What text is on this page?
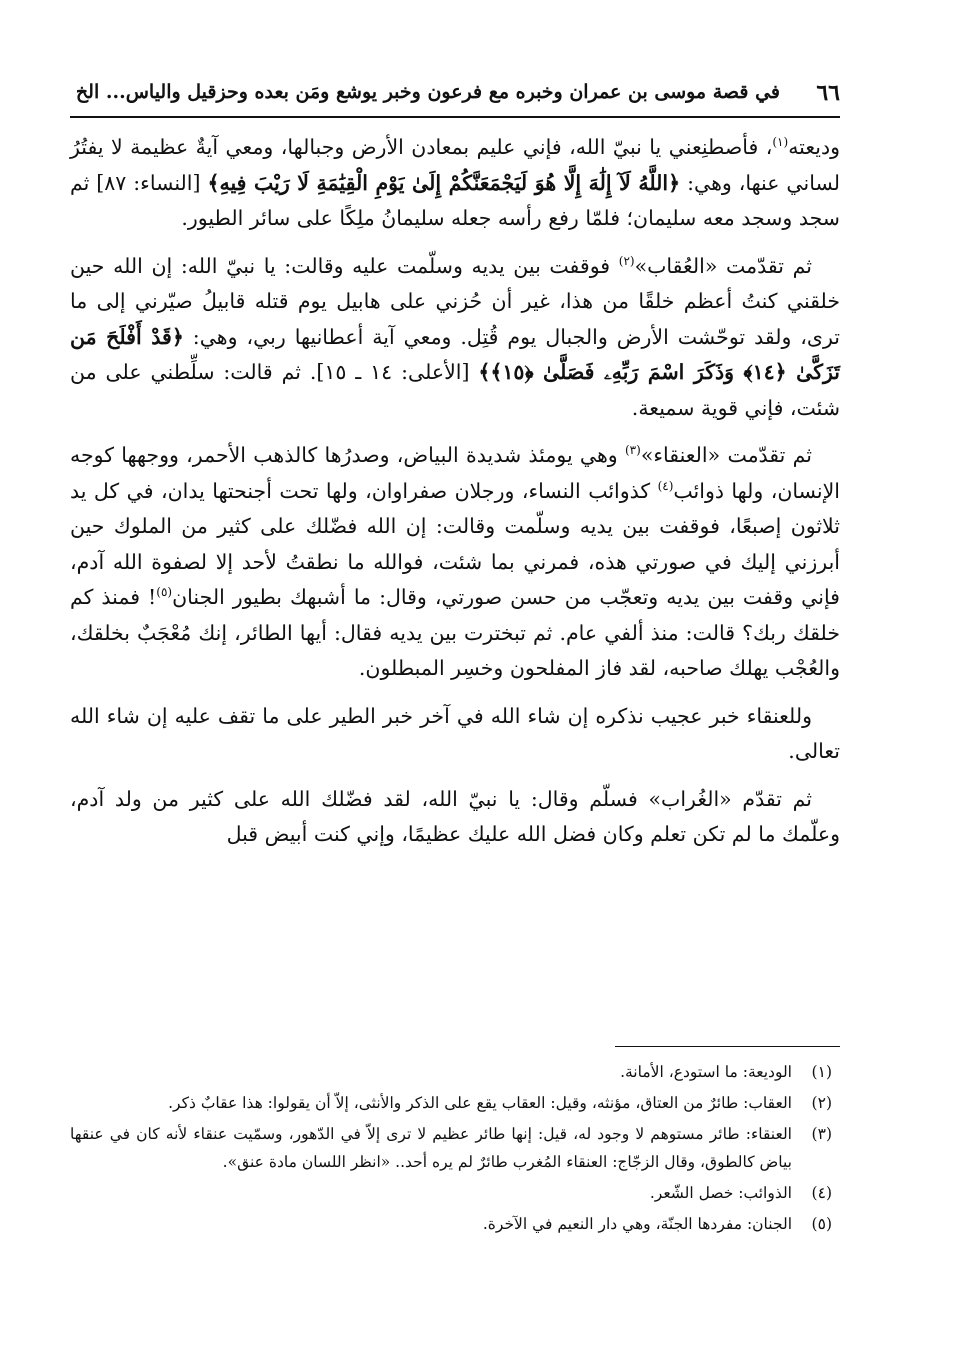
٦٦
في قصة موسى بن عمران وخبره مع فرعون وخبر يوشع ومَن بعده وحزقيل والياس... الخ

وديعته$^{(١)}$، فأصطنِعني يا نبيّ الله، فإني عليم بمعادن الأرض وجبالها، ومعي آيةٌ عظيمة لا يفتُرُ لساني عنها، وهي: ﴿اللَّهُ لَآ إِلَٰهَ إِلَّا هُوَ لَيَجْمَعَنَّكُمْ إِلَىٰ يَوْمِ الْقِيَٰمَةِ لَا رَيْبَ فِيهِ﴾ [النساء: ٨٧] ثم سجد وسجد معه سليمان؛ فلمّا رفع رأسه جعله سليمانُ ملِكًا على سائر الطيور.

ثم تقدّمت «العُقاب»$^{(٢)}$ فوقفت بين يديه وسلّمت عليه وقالت: يا نبيّ الله: إن الله حين خلقني كنتُ أعظم خلقًا من هذا، غير أن حُزني على هابيل يوم قتله قابيلُ صيّرني إلى ما ترى، ولقد توحّشت الأرض والجبال يوم قُتِل. ومعي آية أعطانيها ربي، وهي: ﴿قَدْ أَفْلَحَ مَن تَزَكَّىٰ ﴿١٤﴾ وَذَكَرَ اسْمَ رَبِّهِۦ فَصَلَّىٰ ﴿١٥﴾﴾ [الأعلى: ١٤ ـ ١٥]. ثم قالت: سلِّطني على من شئت، فإني قوية سميعة.

ثم تقدّمت «العنقاء»$^{(٣)}$ وهي يومئذ شديدة البياض، وصدرُها كالذهب الأحمر، ووجهها كوجه الإنسان، ولها ذوائب$^{(٤)}$ كذوائب النساء، ورجلان صفراوان، ولها تحت أجنحتها يدان، في كل يد ثلاثون إصبعًا، فوقفت بين يديه وسلّمت وقالت: إن الله فضّلك على كثير من الملوك حين أبرزني إليك في صورتي هذه، فمرني بما شئت، فوالله ما نطقتُ لأحد إلا لصفوة الله آدم، فإني وقفت بين يديه وتعجّب من حسن صورتي، وقال: ما أشبهك بطيور الجنان$^{(٥)}$! فمنذ كم خلقك ربك؟ قالت: منذ ألفي عام. ثم تبخترت بين يديه فقال: أيها الطائر، إنك مُعْجَبٌ بخلقك، والعُجْب يهلك صاحبه، لقد فاز المفلحون وخسِر المبطلون.

وللعنقاء خبر عجيب نذكره إن شاء الله في آخر خبر الطير على ما تقف عليه إن شاء الله تعالى.

ثم تقدّم «الغُراب» فسلّم وقال: يا نبيّ الله، لقد فضّلك الله على كثير من ولد آدم، وعلّمك ما لم تكن تعلم وكان فضل الله عليك عظيمًا، وإني كنت أبيض قبل

(١)
الوديعة: ما استودع، الأمانة.
(٢)
العقاب: طائرٌ من العتاق، مؤنثه، وقيل: العقاب يقع على الذكر والأنثى، إلاّ أن يقولوا: هذا عقابٌ ذكر.
(٣)
العنقاء: طائر مستوهم لا وجود له، قيل: إنها طائر عظيم لا ترى إلاّ في الدّهور، وسمّيت عنقاء لأنه كان في عنقها بياض كالطوق، وقال الزجّاج: العنقاء المُغرب طائرٌ لم يره أحد.. «انظر اللسان مادة عنق».
(٤)
الذوائب: خصل الشّعر.
(٥)
الجنان: مفردها الجنّة، وهي دار النعيم في الآخرة.
